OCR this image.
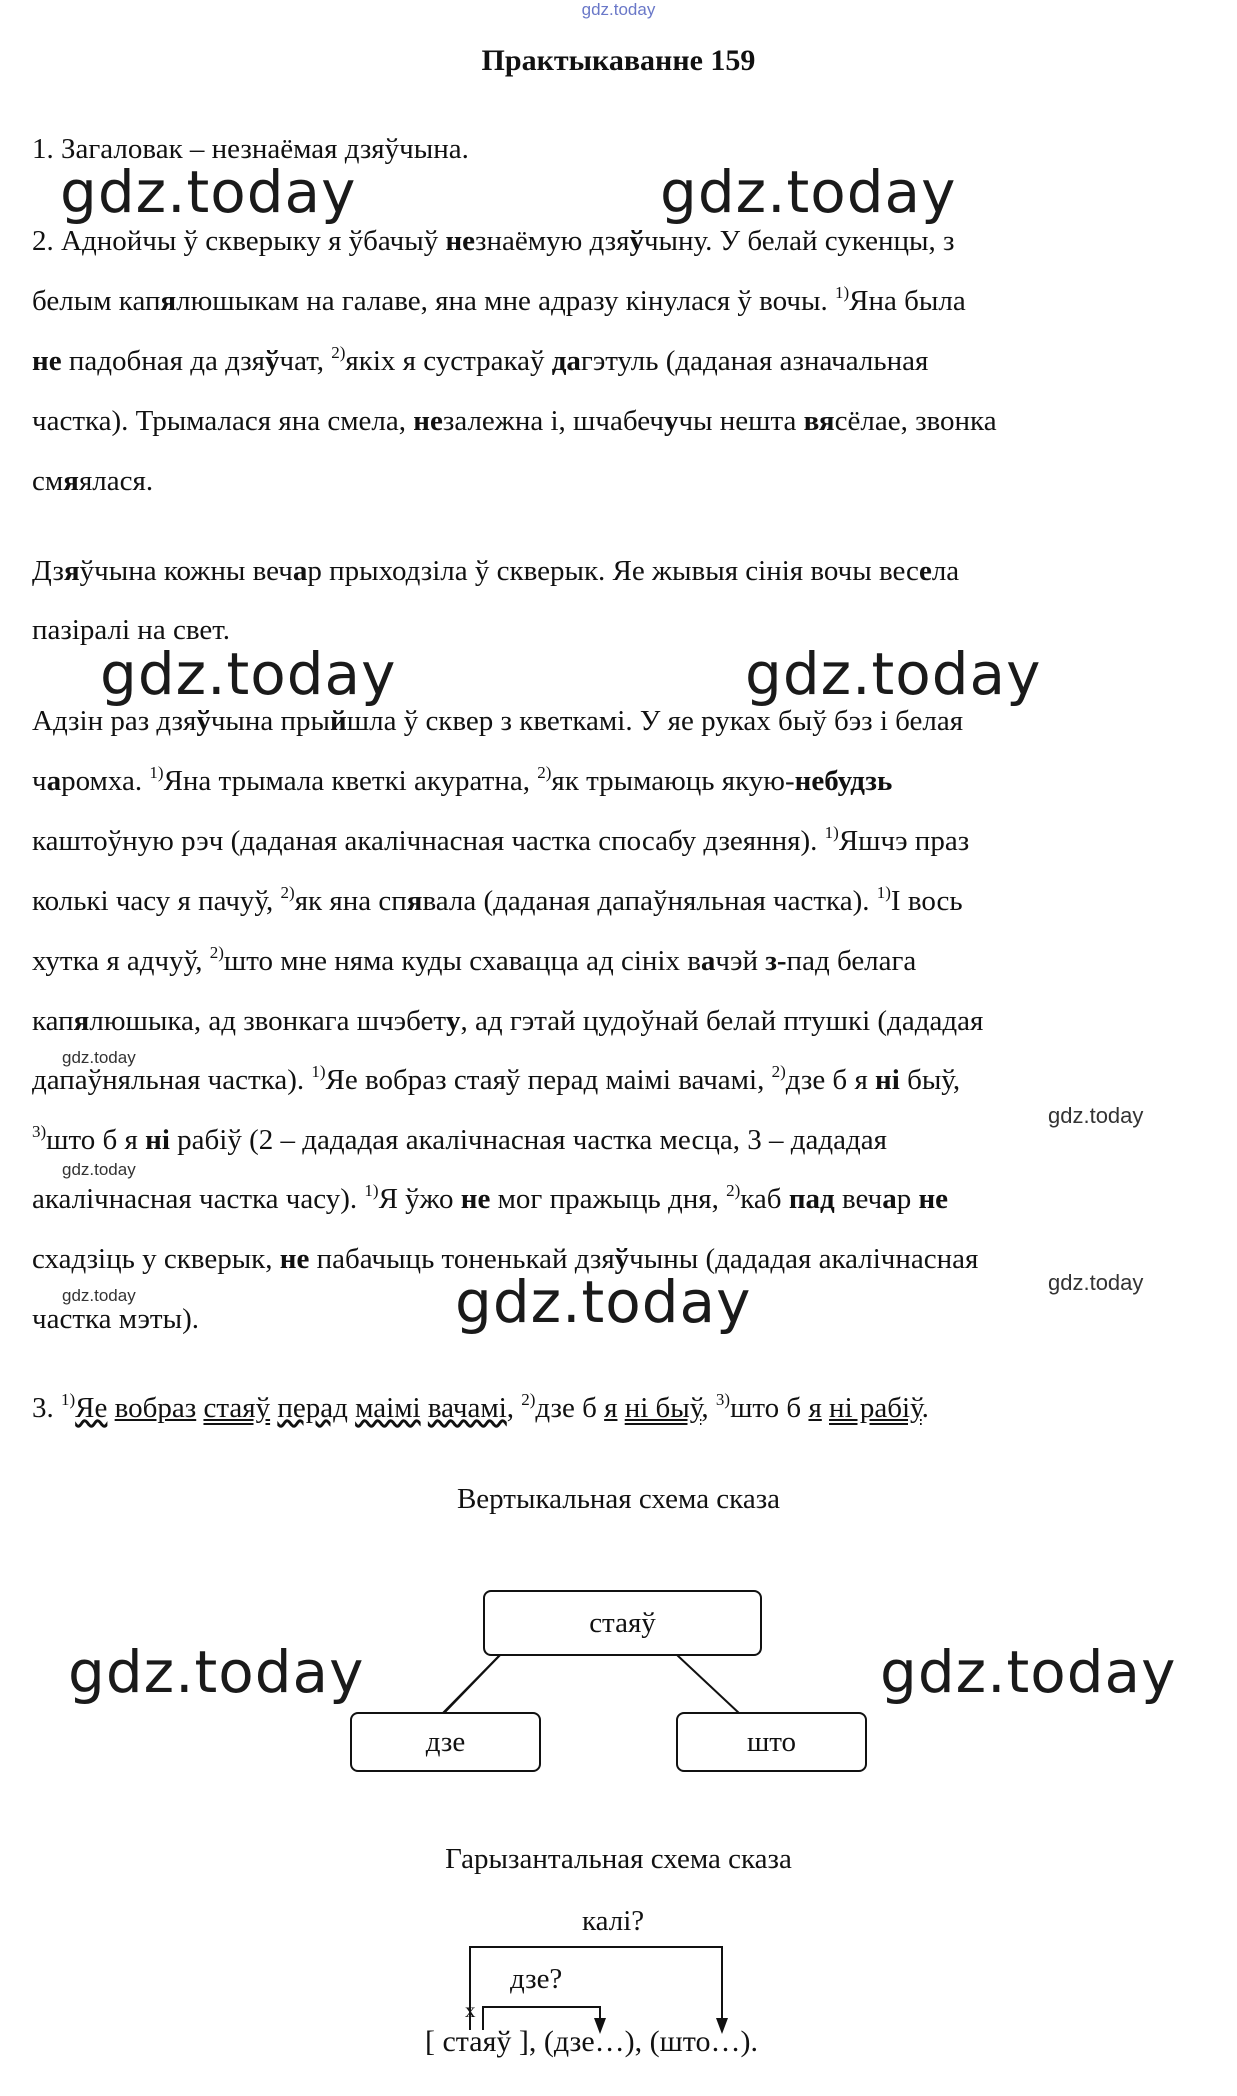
gdz.today
Практыкаванне 159
1. Загаловак – незнаёмая дзяўчына.
gdz.today	gdz.today
2. Аднойчы ў скверыку я ўбачыў незнаёмую дзяўчыну. У белай сукенцы, з
белым капялюшыкам на галаве, яна мне адразу кінулася ў вочы. $^{1)}$Яна была
не падобная да дзяўчат, $^{2)}$якіх я сустракаў дагэтуль (даданая азначальная
частка). Трымалася яна смела, незалежна і, шчабечучы нешта вясёлае, звонка
смяялася.
Дзяўчына кожны вечар прыходзіла ў скверык. Яе жывыя сінія вочы весела
пазіралі на свет.
gdz.today	gdz.today
Адзін раз дзяўчына прыйшла ў сквер з кветкамі. У яе руках быў бэз і белая
чаромха. $^{1)}$Яна трымала кветкі акуратна, $^{2)}$як трымаюць якую-небудзь
каштоўную рэч (даданая акалічнасная частка спосабу дзеяння). $^{1)}$Яшчэ праз
колькі часу я пачуў, $^{2)}$як яна спявала (даданая дапаўняльная частка). $^{1)}$І вось
хутка я адчуў, $^{2)}$што мне няма куды схавацца ад сініх вачэй з-пад белага
капялюшыка, ад звонкага шчэбету, ад гэтай цудоўнай белай птушкі (дададая
gdz.today
дапаўняльная частка). $^{1)}$Яе вобраз стаяў перад маімі вачамі, $^{2)}$дзе б я ні быў,
gdz.today
$^{3)}$што б я ні рабіў (2 – дададая акалічнасная частка месца, 3 – дададая
gdz.today
акалічнасная частка часу). $^{1)}$Я ўжо не мог пражыць дня, $^{2)}$каб пад вечар не
схадзіць у скверык, не пабачыць тоненькай дзяўчыны (дададая акалічнасная
gdz.today
gdz.today
частка мэты).	gdz.today
3. $^{1)}$Яе вобраз стаяў перад маімі вачамі, $^{2)}$дзе б я ні быў, $^{3)}$што б я ні рабіў.
Вертыкальная схема сказа
стаяў
дзе	што
gdz.today	gdz.today
Гарызантальная схема сказа
калі?
дзе?
x
[ стаяў ], (дзе…), (што…).
